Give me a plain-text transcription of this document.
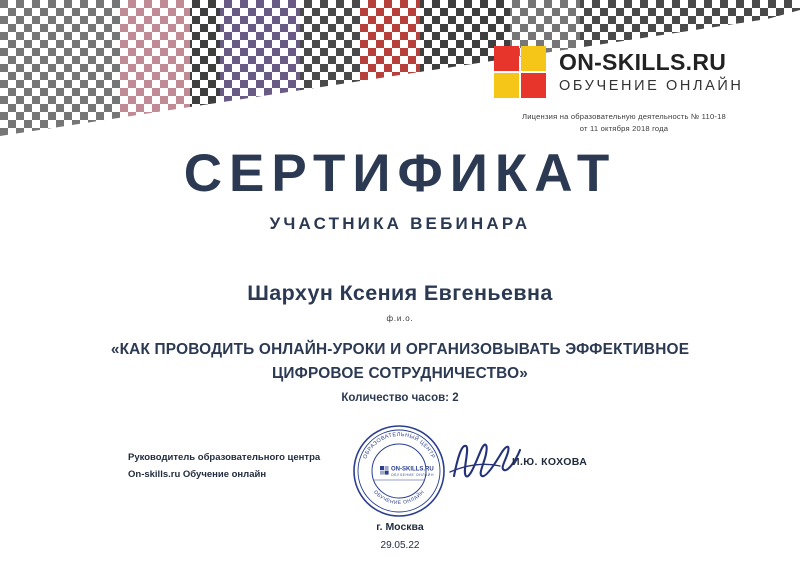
ON-SKILLS.RU
ОБУЧЕНИЕ ОНЛАЙН
Лицензия на образовательную деятельность № 110-18
от 11 октября 2018 года
СЕРТИФИКАТ
УЧАСТНИКА ВЕБИНАРА
Шархун Ксения Евгеньевна
ф.и.о.
«КАК ПРОВОДИТЬ ОНЛАЙН-УРОКИ И ОРГАНИЗОВЫВАТЬ ЭФФЕКТИВНОЕ ЦИФРОВОЕ СОТРУДНИЧЕСТВО»
Количество часов: 2
Руководитель образовательного центра
On-skills.ru Обучение онлайн
ОБРАЗОВАТЕЛЬНЫЙ ЦЕНТР
ОБУЧЕНИЕ ОНЛАЙН
ON-SKILLS.RU
ОБУЧЕНИЕ ОНЛАЙН
И.Ю. КОХОВА
г. Москва
29.05.22
